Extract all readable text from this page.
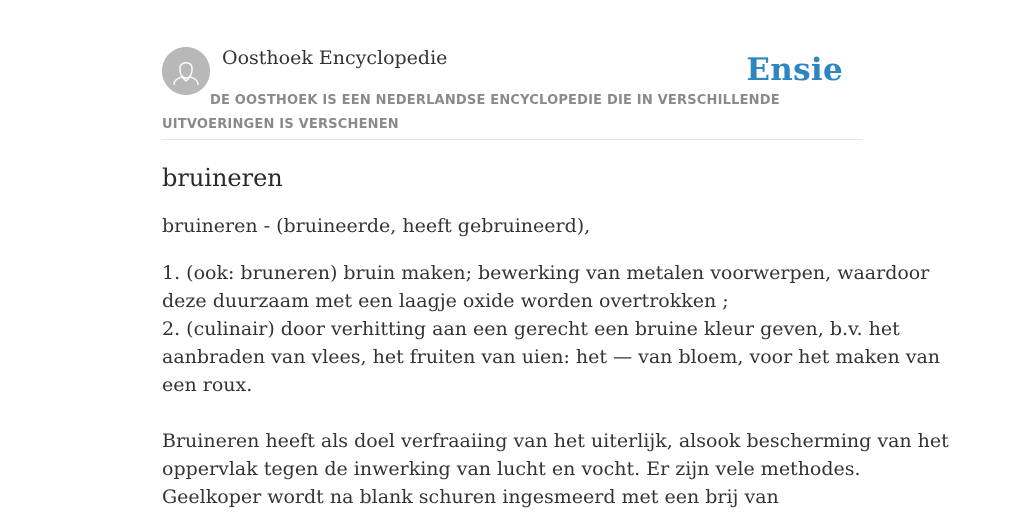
Oosthoek Encyclopedie	Ensie
DE OOSTHOEK IS EEN NEDERLANDSE ENCYCLOPEDIE DIE IN VERSCHILLENDE UITVOERINGEN IS VERSCHENEN
bruineren

bruineren - (bruineerde, heeft gebruineerd),

1. (ook: bruneren) bruin maken; bewerking van metalen voorwerpen, waardoor
deze duurzaam met een laagje oxide worden overtrokken ;
2. (culinair) door verhitting aan een gerecht een bruine kleur geven, b.v. het
aanbraden van vlees, het fruiten van uien: het — van bloem, voor het maken van
een roux.
Bruineren heeft als doel verfraaiing van het uiterlijk, alsook bescherming van het
oppervlak tegen de inwerking van lucht en vocht. Er zijn vele methodes.
Geelkoper wordt na blank schuren ingesmeerd met een brij van
